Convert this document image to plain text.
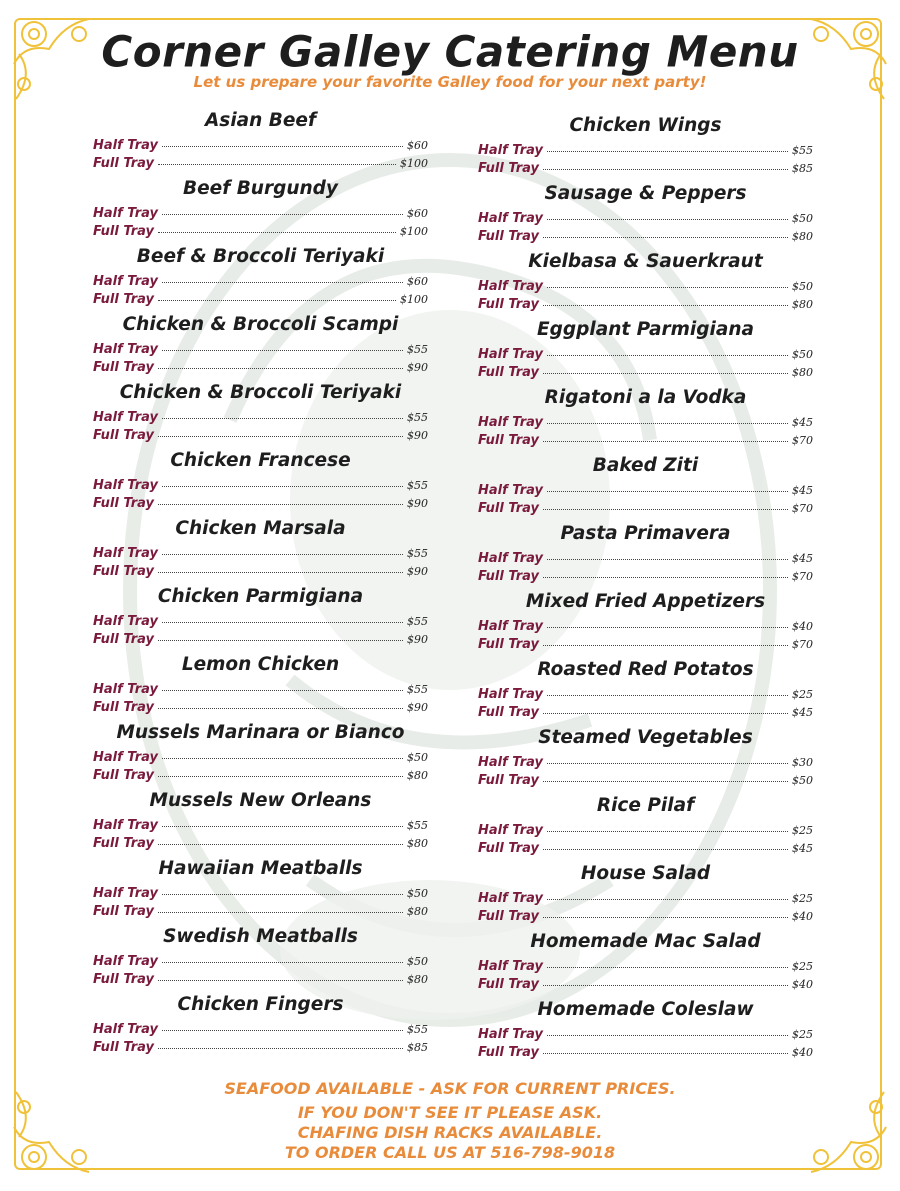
Corner Galley Catering Menu
Let us prepare your favorite Galley food for your next party!
Asian Beef
Half Tray	$60
Full Tray	$100
Beef Burgundy
Half Tray	$60
Full Tray	$100
Beef & Broccoli Teriyaki
Half Tray	$60
Full Tray	$100
Chicken & Broccoli Scampi
Half Tray	$55
Full Tray	$90
Chicken & Broccoli Teriyaki
Half Tray	$55
Full Tray	$90
Chicken Francese
Half Tray	$55
Full Tray	$90
Chicken Marsala
Half Tray	$55
Full Tray	$90
Chicken Parmigiana
Half Tray	$55
Full Tray	$90
Lemon Chicken
Half Tray	$55
Full Tray	$90
Mussels Marinara or Bianco
Half Tray	$50
Full Tray	$80
Mussels New Orleans
Half Tray	$55
Full Tray	$80
Hawaiian Meatballs
Half Tray	$50
Full Tray	$80
Swedish Meatballs
Half Tray	$50
Full Tray	$80
Chicken Fingers
Half Tray	$55
Full Tray	$85
Chicken Wings
Half Tray	$55
Full Tray	$85
Sausage & Peppers
Half Tray	$50
Full Tray	$80
Kielbasa & Sauerkraut
Half Tray	$50
Full Tray	$80
Eggplant Parmigiana
Half Tray	$50
Full Tray	$80
Rigatoni a la Vodka
Half Tray	$45
Full Tray	$70
Baked Ziti
Half Tray	$45
Full Tray	$70
Pasta Primavera
Half Tray	$45
Full Tray	$70
Mixed Fried Appetizers
Half Tray	$40
Full Tray	$70
Roasted Red Potatos
Half Tray	$25
Full Tray	$45
Steamed Vegetables
Half Tray	$30
Full Tray	$50
Rice Pilaf
Half Tray	$25
Full Tray	$45
House Salad
Half Tray	$25
Full Tray	$40
Homemade Mac Salad
Half Tray	$25
Full Tray	$40
Homemade Coleslaw
Half Tray	$25
Full Tray	$40
SEAFOOD AVAILABLE - ASK FOR CURRENT PRICES.
IF YOU DON'T SEE IT PLEASE ASK.
CHAFING DISH RACKS AVAILABLE.
TO ORDER CALL US AT 516-798-9018
